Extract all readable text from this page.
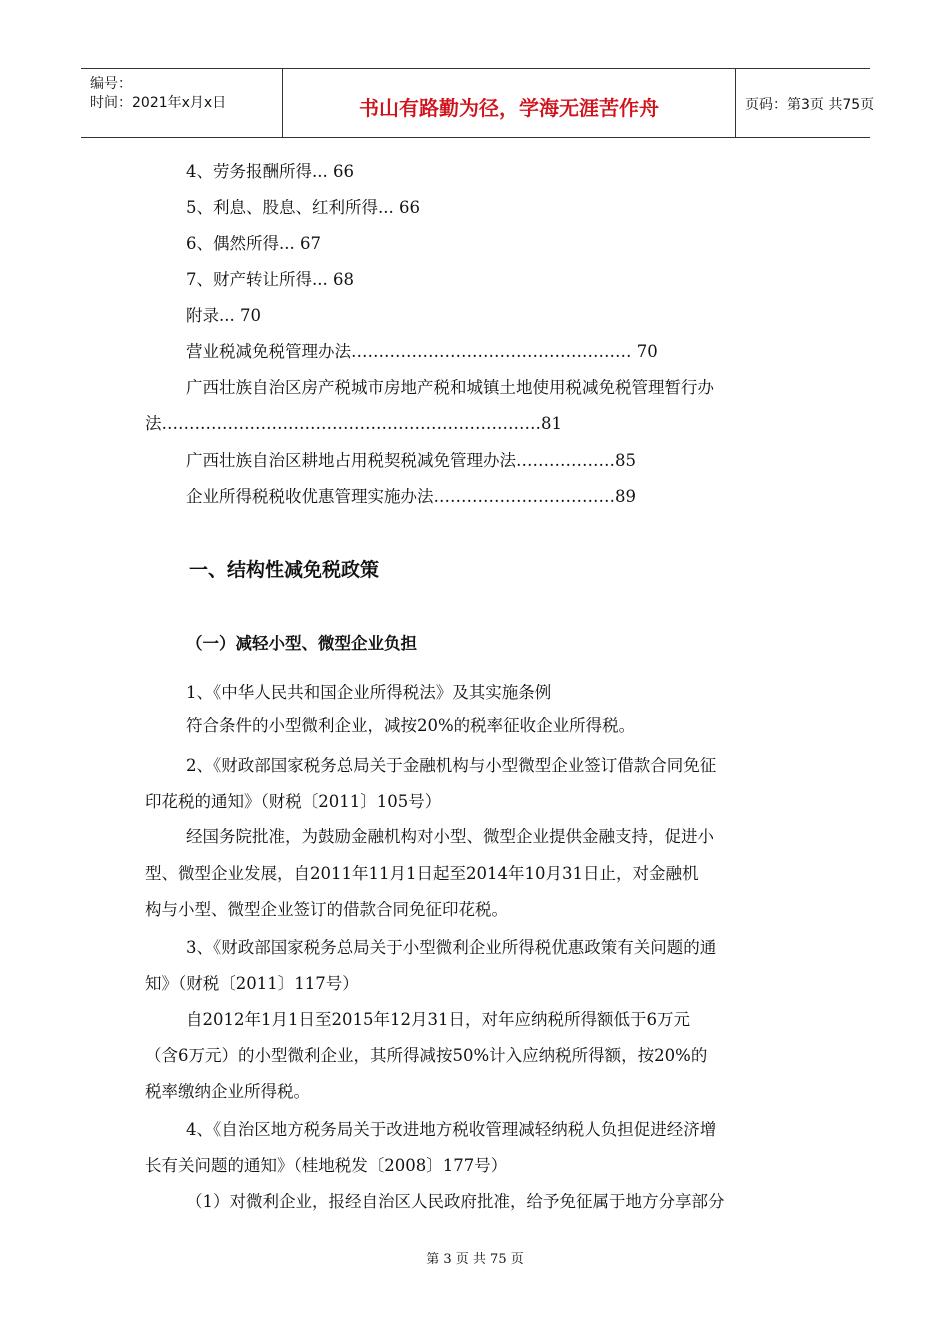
编号：
时间：2021年x月x日	书山有路勤为径，学海无涯苦作舟	页码：第3页 共75页
4、劳务报酬所得... 66
5、利息、股息、红利所得... 66
6、偶然所得... 67
7、财产转让所得... 68
附录... 70
营业税减免税管理办法…………………………………………… 70
广西壮族自治区房产税城市房地产税和城镇土地使用税减免税管理暂行办
法……………………………………………………………81
广西壮族自治区耕地占用税契税减免管理办法………………85
企业所得税税收优惠管理实施办法……………………………89
一、结构性减免税政策
（一）减轻小型、微型企业负担
1、《中华人民共和国企业所得税法》及其实施条例
符合条件的小型微利企业，减按20%的税率征收企业所得税。
2、《财政部国家税务总局关于金融机构与小型微型企业签订借款合同免征
印花税的通知》（财税〔2011〕105号）
经国务院批准，为鼓励金融机构对小型、微型企业提供金融支持，促进小
型、微型企业发展，自2011年11月1日起至2014年10月31日止，对金融机
构与小型、微型企业签订的借款合同免征印花税。
3、《财政部国家税务总局关于小型微利企业所得税优惠政策有关问题的通
知》（财税〔2011〕117号）
自2012年1月1日至2015年12月31日，对年应纳税所得额低于6万元
（含6万元）的小型微利企业，其所得减按50%计入应纳税所得额，按20%的
税率缴纳企业所得税。
4、《自治区地方税务局关于改进地方税收管理减轻纳税人负担促进经济增
长有关问题的通知》（桂地税发〔2008〕177号）
（1）对微利企业，报经自治区人民政府批准，给予免征属于地方分享部分
第 3 页 共 75 页
